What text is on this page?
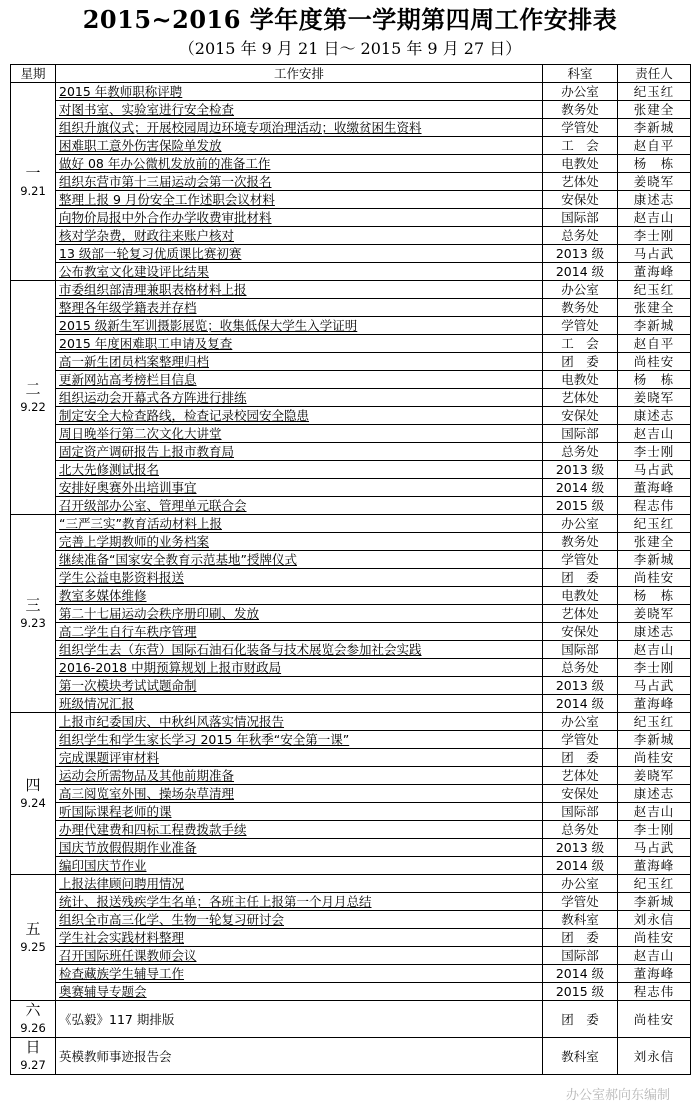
2015~2016 学年度第一学期第四周工作安排表
（2015 年 9 月 21 日～ 2015 年 9 月 27 日）
星期	工作安排	科室	责任人

一
9.21	2015 年教师职称评聘	办公室	纪玉红
	对图书室、实验室进行安全检查	教务处	张建全
	组织升旗仪式；开展校园周边环境专项治理活动；收缴贫困生资料	学管处	李新城
	困难职工意外伤害保险单发放	工　会	赵自平
	做好 08 年办公微机发放前的准备工作	电教处	杨　栋
	组织东营市第十三届运动会第一次报名	艺体处	姜晓军
	整理上报 9 月份安全工作述职会议材料	安保处	康述志
	向物价局报中外合作办学收费审批材料	国际部	赵吉山
	核对学杂费，财政往来账户核对	总务处	李士刚
	13 级部一轮复习优质课比赛初赛	2013 级	马占武
	公布教室文化建设评比结果	2014 级	董海峰

二
9.22	市委组织部清理兼职表格材料上报	办公室	纪玉红
	整理各年级学籍表并存档	教务处	张建全
	2015 级新生军训摄影展览；收集低保大学生入学证明	学管处	李新城
	2015 年度困难职工申请及复查	工　会	赵自平
	高一新生团员档案整理归档	团　委	尚桂安
	更新网站高考榜栏目信息	电教处	杨　栋
	组织运动会开幕式各方阵进行排练	艺体处	姜晓军
	制定安全大检查路线，检查记录校园安全隐患	安保处	康述志
	周日晚举行第二次文化大讲堂	国际部	赵吉山
	固定资产调研报告上报市教育局	总务处	李士刚
	北大先修测试报名	2013 级	马占武
	安排好奥赛外出培训事宜	2014 级	董海峰
	召开级部办公室、管理单元联合会	2015 级	程志伟

三
9.23	“三严三实”教育活动材料上报	办公室	纪玉红
	完善上学期教师的业务档案	教务处	张建全
	继续准备“国家安全教育示范基地”授牌仪式	学管处	李新城
	学生公益电影资料报送	团　委	尚桂安
	教室多媒体维修	电教处	杨　栋
	第二十七届运动会秩序册印刷、发放	艺体处	姜晓军
	高二学生自行车秩序管理	安保处	康述志
	组织学生去（东营）国际石油石化装备与技术展览会参加社会实践	国际部	赵吉山
	2016-2018 中期预算规划上报市财政局	总务处	李士刚
	第一次模块考试试题命制	2013 级	马占武
	班级情况汇报	2014 级	董海峰

四
9.24	上报市纪委国庆、中秋纠风落实情况报告	办公室	纪玉红
	组织学生和学生家长学习 2015 年秋季“安全第一课”	学管处	李新城
	完成课题评审材料	团　委	尚桂安
	运动会所需物品及其他前期准备	艺体处	姜晓军
	高三阅览室外围、操场杂草清理	安保处	康述志
	听国际课程老师的课	国际部	赵吉山
	办理代建费和四标工程费拨款手续	总务处	李士刚
	国庆节放假假期作业准备	2013 级	马占武
	编印国庆节作业	2014 级	董海峰

五
9.25	上报法律顾问聘用情况	办公室	纪玉红
	统计、报送残疾学生名单；各班主任上报第一个月月总结	学管处	李新城
	组织全市高三化学、生物一轮复习研讨会	教科室	刘永信
	学生社会实践材料整理	团　委	尚桂安
	召开国际班任课教师会议	国际部	赵吉山
	检查藏族学生辅导工作	2014 级	董海峰
	奥赛辅导专题会	2015 级	程志伟

六
9.26	《弘毅》117 期排版	团　委	尚桂安

日
9.27	英模教师事迹报告会	教科室	刘永信
办公室郝向东编制
